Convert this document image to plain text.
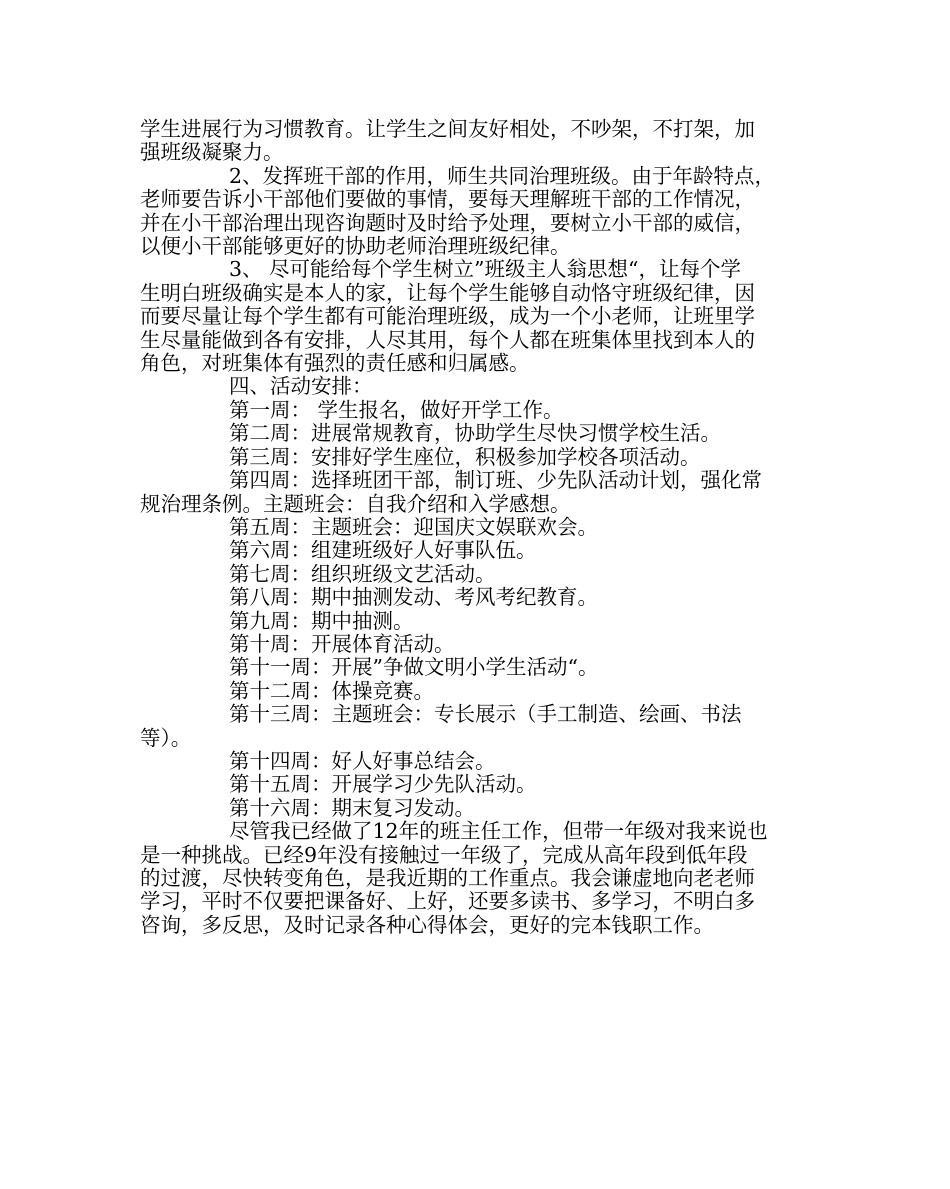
学生进展行为习惯教育。让学生之间友好相处，不吵架，不打架，加
强班级凝聚力。
2、发挥班干部的作用，师生共同治理班级。由于年龄特点，
老师要告诉小干部他们要做的事情，要每天理解班干部的工作情况，
并在小干部治理出现咨询题时及时给予处理，要树立小干部的威信，
以便小干部能够更好的协助老师治理班级纪律。
3、 尽可能给每个学生树立”班级主人翁思想“，让每个学
生明白班级确实是本人的家，让每个学生能够自动恪守班级纪律，因
而要尽量让每个学生都有可能治理班级，成为一个小老师，让班里学
生尽量能做到各有安排，人尽其用，每个人都在班集体里找到本人的
角色，对班集体有强烈的责任感和归属感。
四、活动安排：
第一周： 学生报名，做好开学工作。
第二周：进展常规教育，协助学生尽快习惯学校生活。
第三周：安排好学生座位，积极参加学校各项活动。
第四周：选择班团干部，制订班、少先队活动计划，强化常
规治理条例。主题班会：自我介绍和入学感想。
第五周：主题班会：迎国庆文娱联欢会。
第六周：组建班级好人好事队伍。
第七周：组织班级文艺活动。
第八周：期中抽测发动、考风考纪教育。
第九周：期中抽测。
第十周：开展体育活动。
第十一周：开展”争做文明小学生活动“。
第十二周：体操竞赛。
第十三周：主题班会：专长展示（手工制造、绘画、书法
等）。
第十四周：好人好事总结会。
第十五周：开展学习少先队活动。
第十六周：期末复习发动。
尽管我已经做了12年的班主任工作，但带一年级对我来说也
是一种挑战。已经9年没有接触过一年级了，完成从高年段到低年段
的过渡，尽快转变角色，是我近期的工作重点。我会谦虚地向老老师
学习，平时不仅要把课备好、上好，还要多读书、多学习，不明白多
咨询，多反思，及时记录各种心得体会，更好的完本钱职工作。
